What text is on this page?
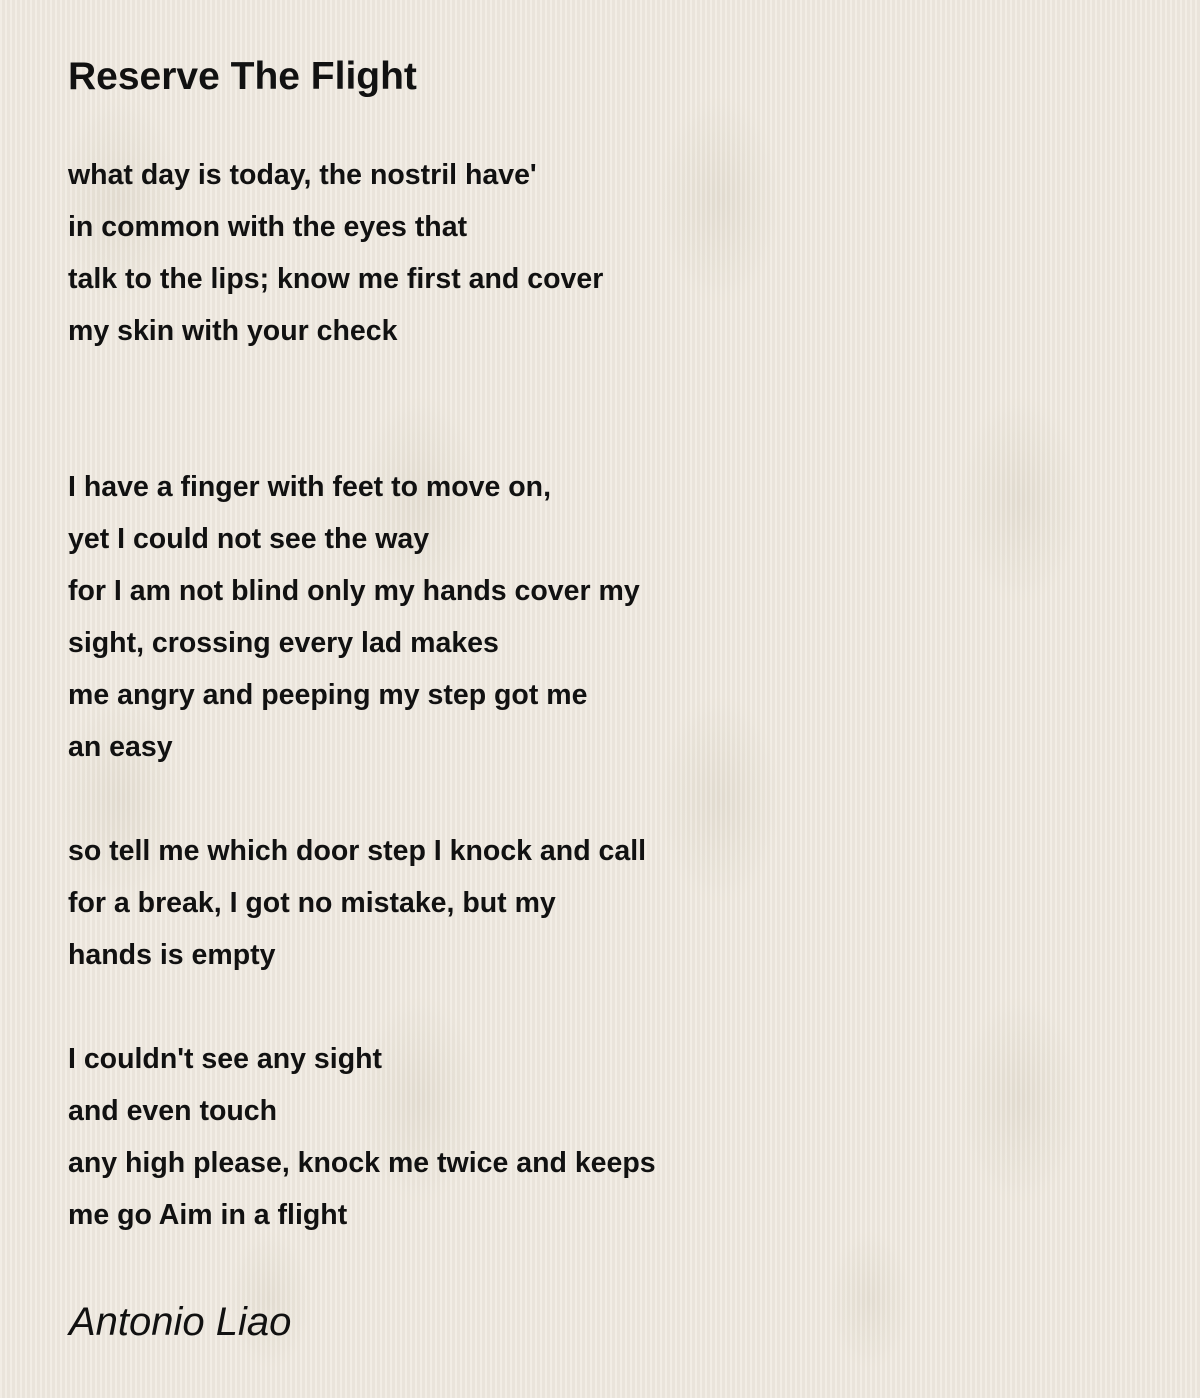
Reserve The Flight
what day is today, the nostril have'
in common with the eyes that
talk to the lips; know me first and cover
my skin with your check
I have a finger with feet to move on,
yet I could not see the way
for I am not blind only my hands cover my
sight, crossing every lad makes
me angry and peeping my step got me
an easy
so tell me which door step I knock and call
for a break, I got no mistake, but my
hands is empty
I couldn't see any sight
and even touch
any high please, knock me twice and keeps
me go Aim in a flight
Antonio Liao
